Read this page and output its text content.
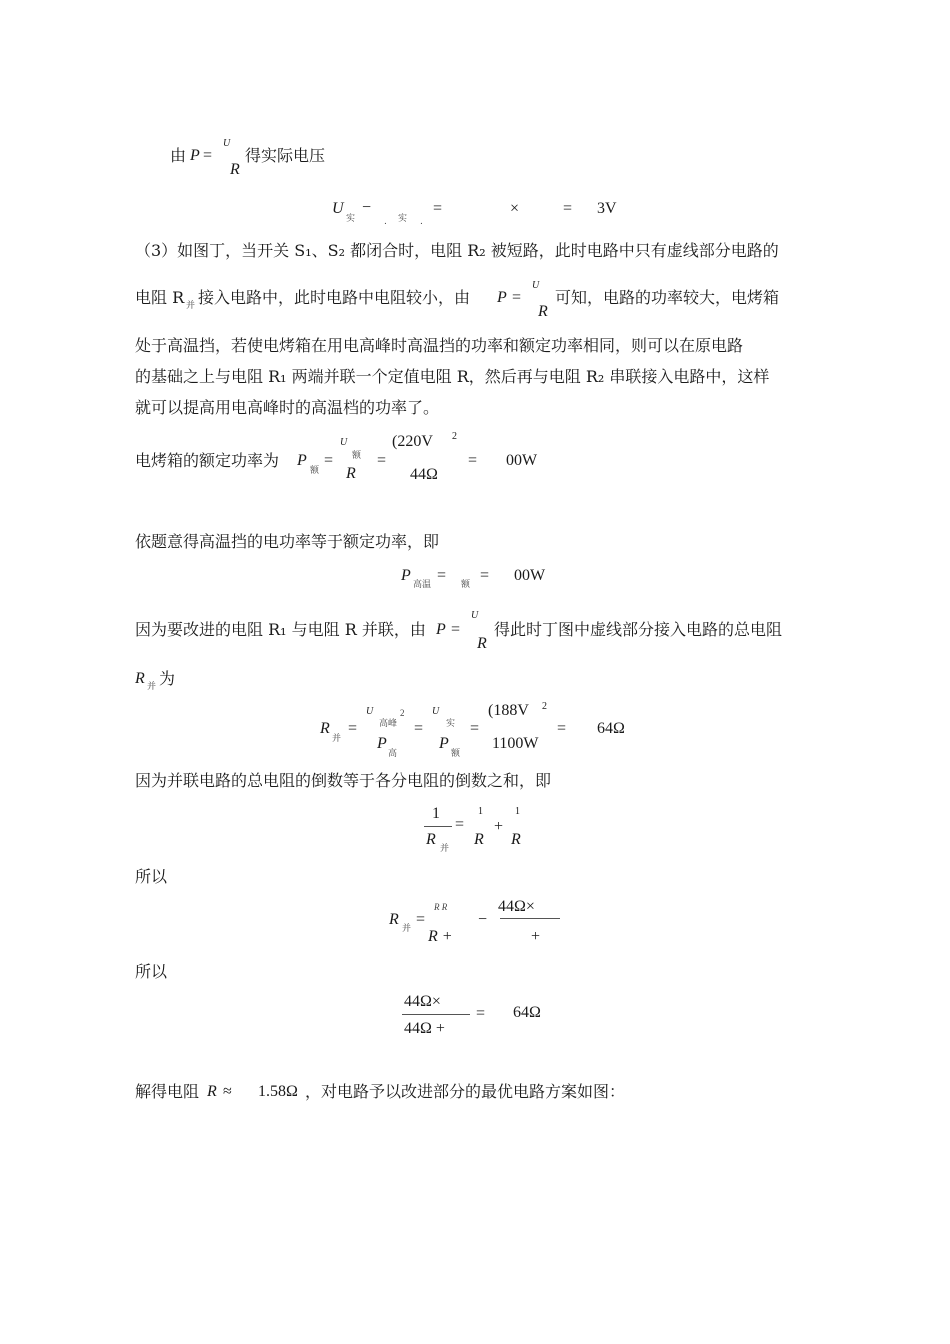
由 P =
U
R
得实际电压
U
实
−
. 实 .
=	×	= 3V
（3）如图丁，当开关 S₁、S₂ 都闭合时，电阻 R₂ 被短路，此时电路中只有虚线部分电路的
电阻 R 并 接入电路中，此时电路中电阻较小，由 P =
U
R
可知，电路的功率较大，电烤箱
处于高温挡，若使电烤箱在用电高峰时高温挡的功率和额定功率相同，则可以在原电路
的基础之上与电阻 R₁ 两端并联一个定值电阻 R，然后再与电阻 R₂ 串联接入电路中，这样
就可以提高用电高峰时的高温档的功率了。
电烤箱的额定功率为 P
额
=
U
额
R
=
(220V 2
44Ω
= 00W
依题意得高温挡的电功率等于额定功率，即
P
高温
=
额
= 00W
因为要改进的电阻 R₁ 与电阻 R 并联，由 P =
U
R
得此时丁图中虚线部分接入电路的总电阻
R 并 为
R
并
=
U
高峰
2
P
高
=
U
实
P
额
=
(188V 2
1100W
= 64Ω
因为并联电路的总电阻的倒数等于各分电阻的倒数之和，即
1
R
并
=
1
R
+
1
R
所以
R
并
=
R R
R +
−
44Ω×
+
所以
44Ω×
44Ω +
= 64Ω
解得电阻 R ≈ 1.58Ω ，对电路予以改进部分的最优电路方案如图：
